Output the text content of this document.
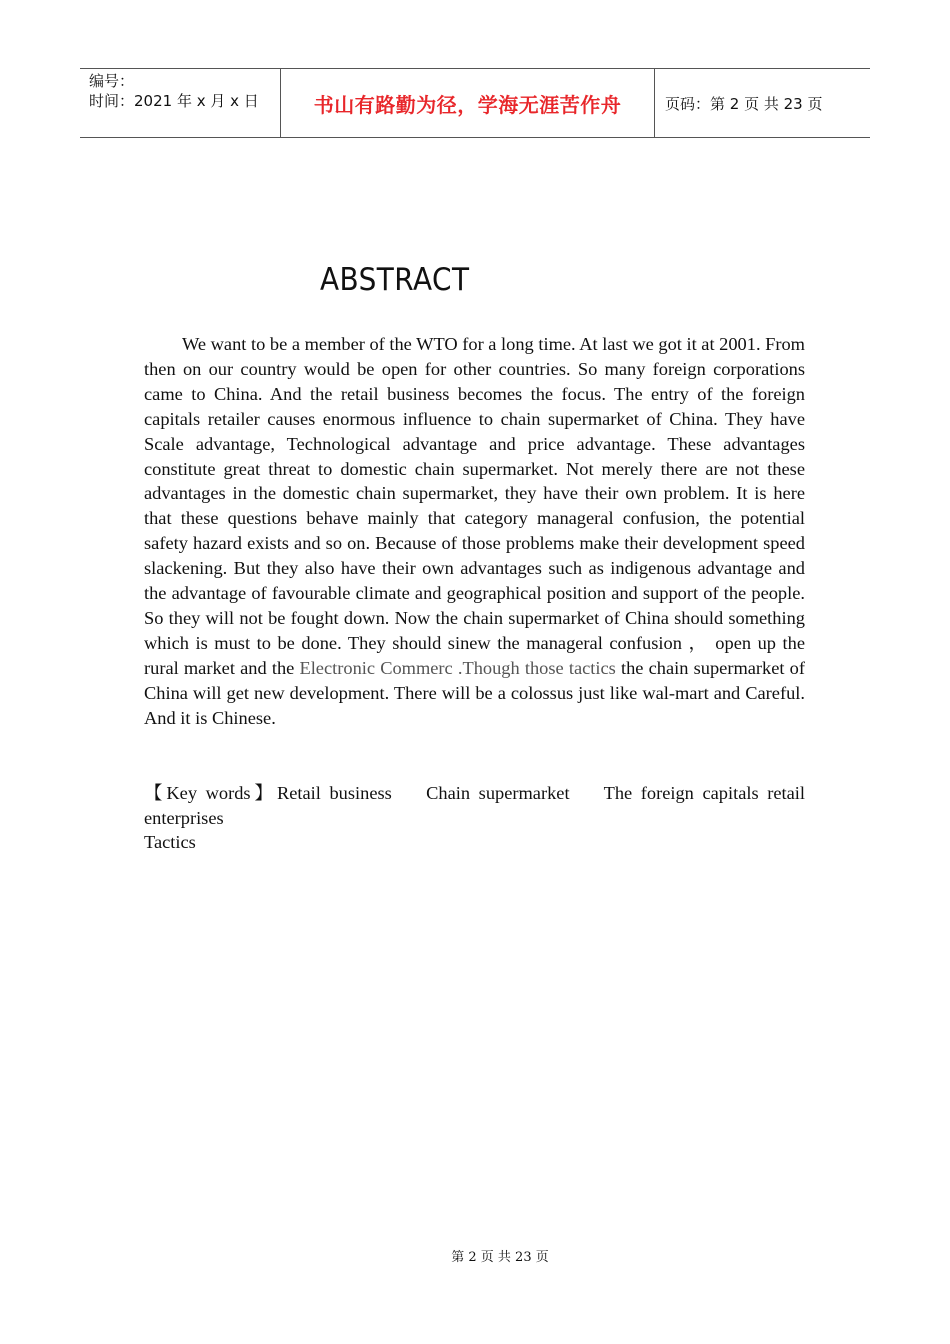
编号：
时间：2021 年 x 月 x 日	书山有路勤为径，学海无涯苦作舟	页码：第 2 页 共 23 页
ABSTRACT

We want to be a member of the WTO for a long time. At last we got it at 2001. From then on our country would be open for other countries. So many foreign corporations came to China. And the retail business becomes the focus. The entry of the foreign capitals retailer causes enormous influence to chain supermarket of China. They have Scale advantage, Technological advantage and price advantage. These advantages constitute great threat to domestic chain supermarket. Not merely there are not these advantages in the domestic chain supermarket, they have their own problem. It is here that these questions behave mainly that category manageral confusion, the potential safety hazard exists and so on. Because of those problems make their development speed slackening. But they also have their own advantages such as indigenous advantage and the advantage of favourable climate and geographical position and support of the people. So they will not be fought down. Now the chain supermarket of China should something which is must to be done. They should sinew the manageral confusion ， open up the rural market and the Electronic Commerc .Though those tactics the chain supermarket of China will get new development. There will be a colossus just like wal-mart and Careful. And it is Chinese.

【Key words】Retail business    Chain supermarket    The foreign capitals retail enterprises
Tactics
第 2 页 共 23 页
